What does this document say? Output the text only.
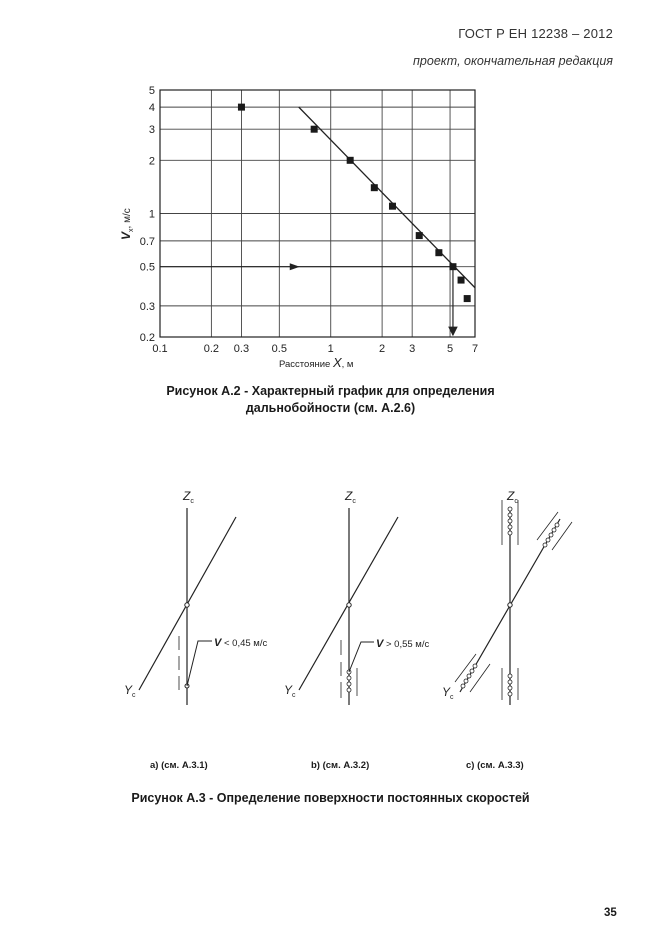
ГОСТ Р ЕН 12238 – 2012
проект, окончательная редакция
0.1	0.2 0.3 0.5	1	2 3	5 7
0.2
0.3
0.5
0.7
1
2
3
4
5
Расстояние X, м
$V_x$, м/с
V < 0,45 м/с
$Z_c$
$Y_c$
V > 0,55 м/с
$Z_c$
$Y_c$
$Z_c$
$Y_c$
Рисунок А.2 - Характерный график для определения
дальнобойности (см. А.2.6)
а) (см. А.3.1)	b) (см. А.3.2)	с) (см. А.3.3)
Рисунок А.3 - Определение поверхности постоянных скоростей
35
